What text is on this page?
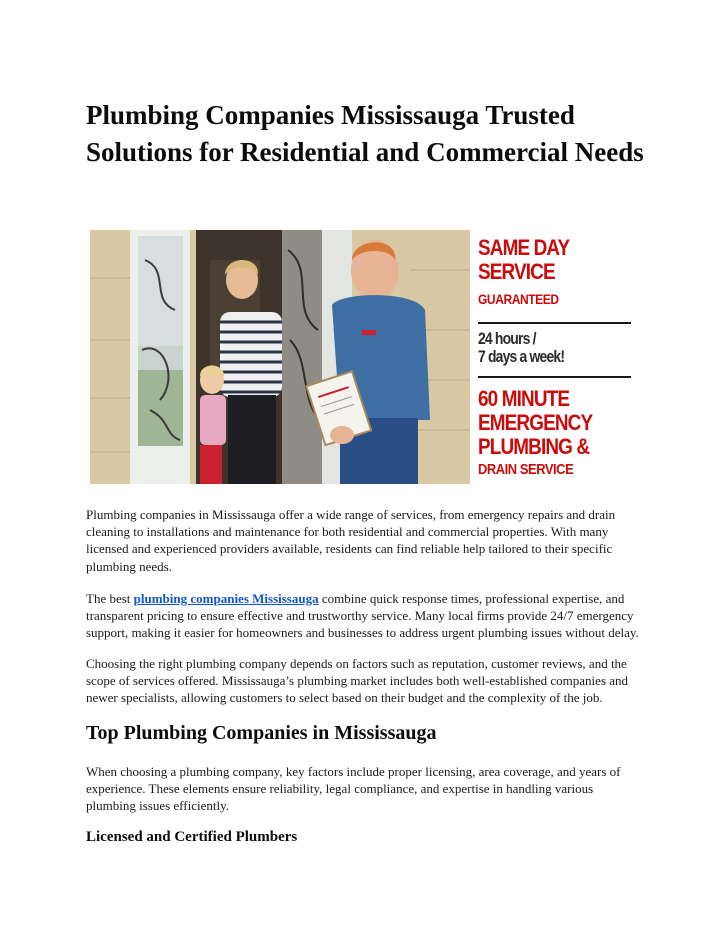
Plumbing Companies Mississauga Trusted Solutions for Residential and Commercial Needs
SAME DAY
SERVICE
GUARANTEED
24 hours /
7 days a week!
60 MINUTE
EMERGENCY
PLUMBING &
DRAIN SERVICE

Plumbing companies in Mississauga offer a wide range of services, from emergency repairs and drain cleaning to installations and maintenance for both residential and commercial properties. With many licensed and experienced providers available, residents can find reliable help tailored to their specific plumbing needs.

The best plumbing companies Mississauga combine quick response times, professional expertise, and transparent pricing to ensure effective and trustworthy service. Many local firms provide 24/7 emergency support, making it easier for homeowners and businesses to address urgent plumbing issues without delay.

Choosing the right plumbing company depends on factors such as reputation, customer reviews, and the scope of services offered. Mississauga’s plumbing market includes both well-established companies and newer specialists, allowing customers to select based on their budget and the complexity of the job.

Top Plumbing Companies in Mississauga

When choosing a plumbing company, key factors include proper licensing, area coverage, and years of experience. These elements ensure reliability, legal compliance, and expertise in handling various plumbing issues efficiently.

Licensed and Certified Plumbers
